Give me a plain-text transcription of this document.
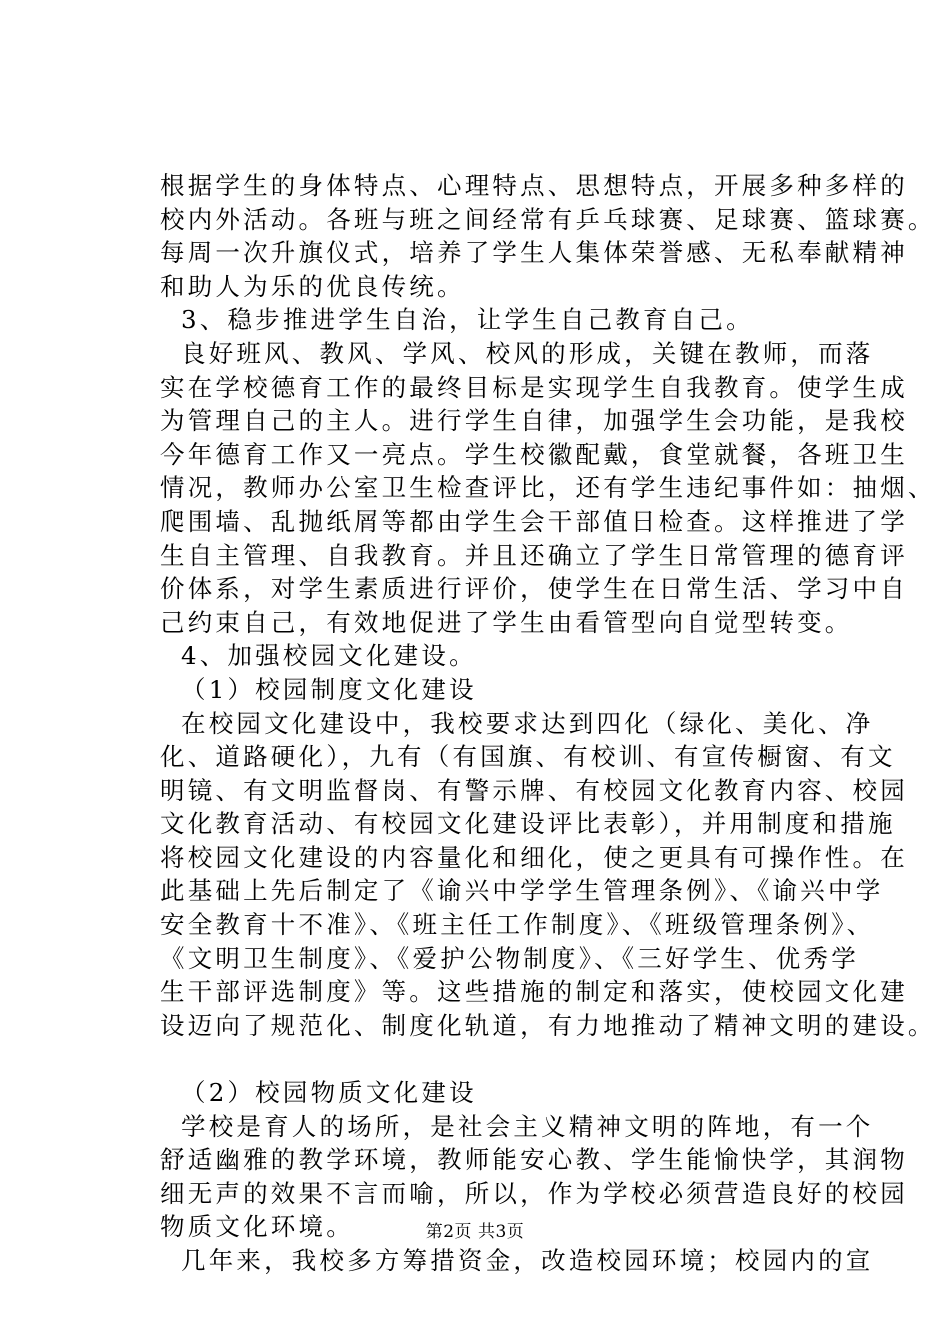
根据学生的身体特点、心理特点、思想特点，开展多种多样的
校内外活动。各班与班之间经常有乒乓球赛、足球赛、篮球赛。
每周一次升旗仪式，培养了学生人集体荣誉感、无私奉献精神
和助人为乐的优良传统。
3、稳步推进学生自治，让学生自己教育自己。
良好班风、教风、学风、校风的形成，关键在教师，而落
实在学校德育工作的最终目标是实现学生自我教育。使学生成
为管理自己的主人。进行学生自律，加强学生会功能，是我校
今年德育工作又一亮点。学生校徽配戴，食堂就餐，各班卫生
情况，教师办公室卫生检查评比，还有学生违纪事件如：抽烟、
爬围墙、乱抛纸屑等都由学生会干部值日检查。这样推进了学
生自主管理、自我教育。并且还确立了学生日常管理的德育评
价体系，对学生素质进行评价，使学生在日常生活、学习中自
己约束自己，有效地促进了学生由看管型向自觉型转变。
4、加强校园文化建设。
（1）校园制度文化建设
在校园文化建设中，我校要求达到四化（绿化、美化、净
化、道路硬化），九有（有国旗、有校训、有宣传橱窗、有文
明镜、有文明监督岗、有警示牌、有校园文化教育内容、校园
文化教育活动、有校园文化建设评比表彰），并用制度和措施
将校园文化建设的内容量化和细化，使之更具有可操作性。在
此基础上先后制定了《谕兴中学学生管理条例》、《谕兴中学
安全教育十不准》、《班主任工作制度》、《班级管理条例》、
《文明卫生制度》、《爱护公物制度》、《三好学生、优秀学
生干部评选制度》等。这些措施的制定和落实，使校园文化建
设迈向了规范化、制度化轨道，有力地推动了精神文明的建设。
（2）校园物质文化建设
学校是育人的场所，是社会主义精神文明的阵地，有一个
舒适幽雅的教学环境，教师能安心教、学生能愉快学，其润物
细无声的效果不言而喻，所以，作为学校必须营造良好的校园
物质文化环境。
几年来，我校多方筹措资金，改造校园环境；校园内的宣
第2页 共3页
